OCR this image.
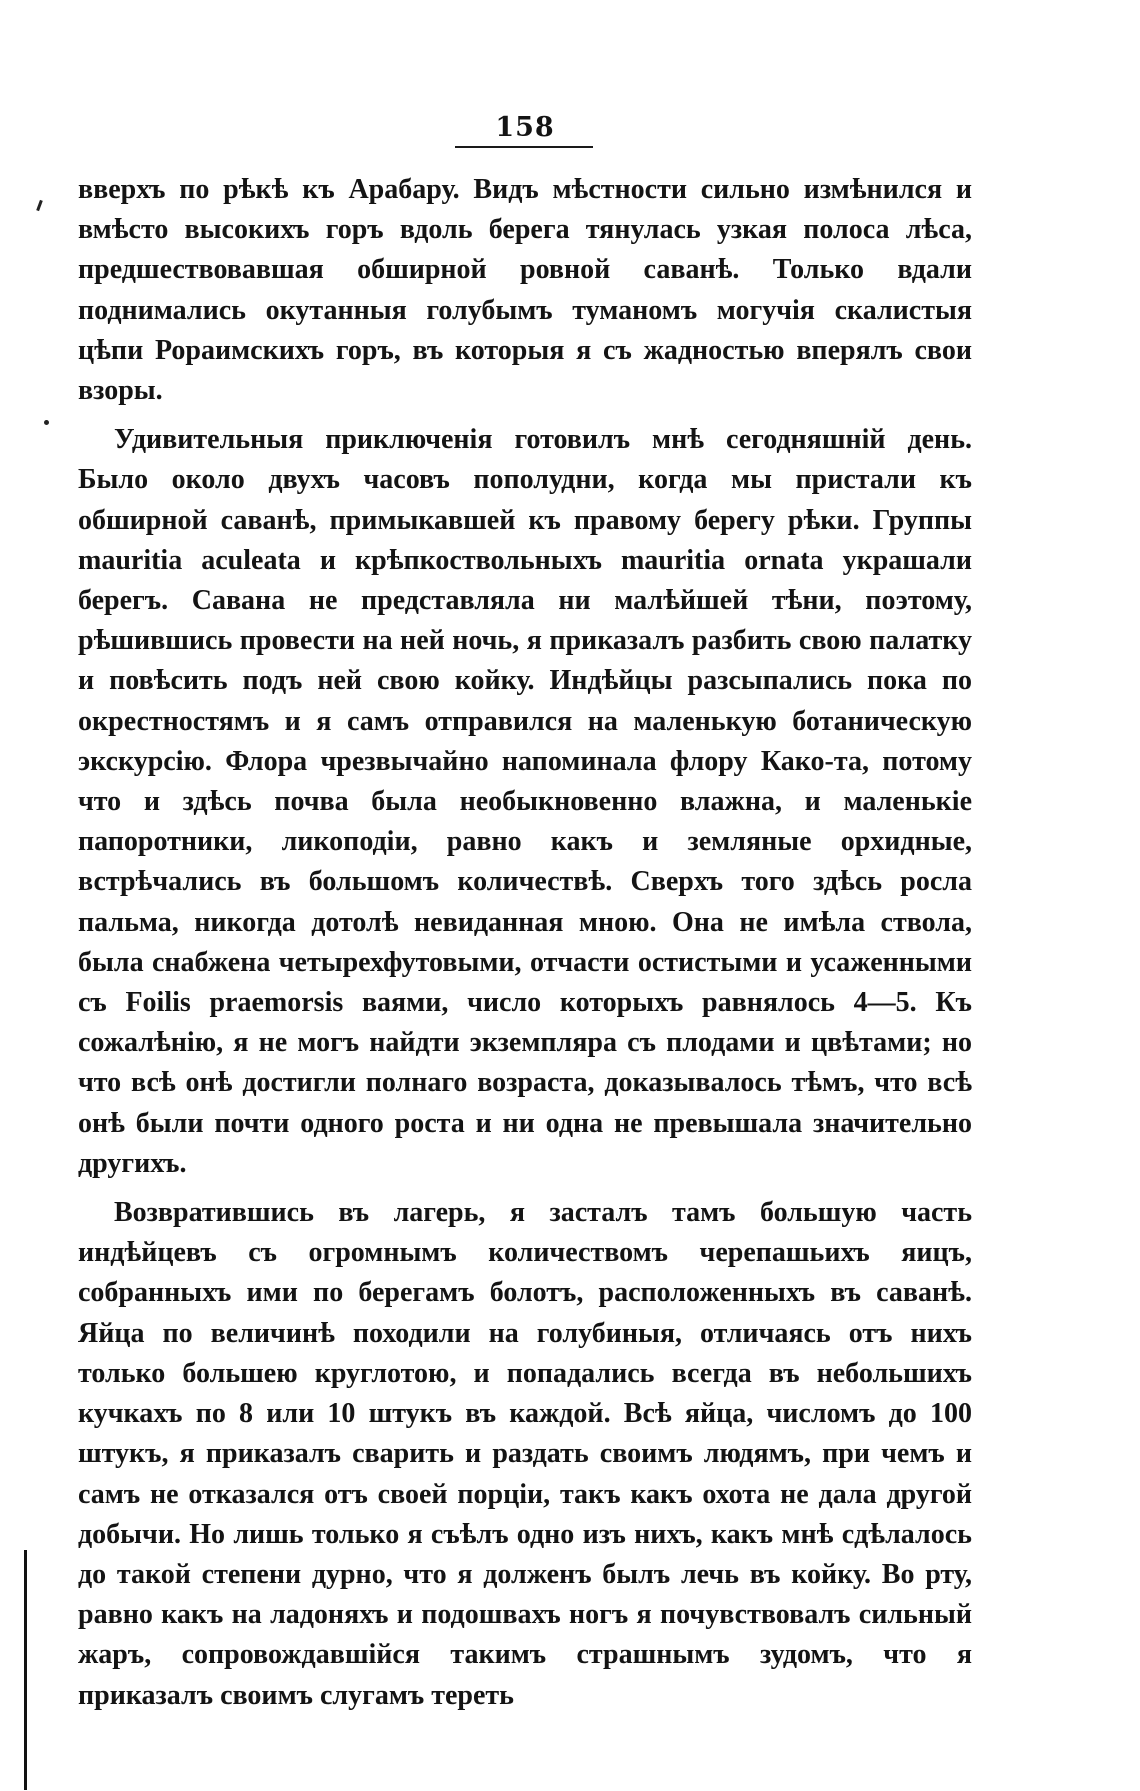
158

вверхъ по рѣкѣ къ Арабару. Видъ мѣстности сильно измѣнился и вмѣсто высокихъ горъ вдоль берега тянулась узкая полоса лѣса, предшествовавшая обширной ровной саванѣ. Только вдали поднимались окутанныя голубымъ туманомъ могучія скалистыя цѣпи Рораимскихъ горъ, въ которыя я съ жадностью вперялъ свои взоры.

Удивительныя приключенія готовилъ мнѣ сегодняшній день. Было около двухъ часовъ пополудни, когда мы пристали къ обширной саванѣ, примыкавшей къ правому берегу рѣки. Группы mauritia aculeata и крѣпкоствольныхъ mauritia ornata украшали берегъ. Савана не представляла ни малѣйшей тѣни, поэтому, рѣшившись провести на ней ночь, я приказалъ разбить свою палатку и повѣсить подъ ней свою койку. Индѣйцы разсыпались пока по окрестностямъ и я самъ отправился на маленькую ботаническую экскурсію. Флора чрезвычайно напоминала флору Како-та, потому что и здѣсь почва была необыкновенно влажна, и маленькіе папоротники, ликоподіи, равно какъ и земляные орхидные, встрѣчались въ большомъ количествѣ. Сверхъ того здѣсь росла пальма, никогда дотолѣ невиданная мною. Она не имѣла ствола, была снабжена четырехфутовыми, отчасти остистыми и усаженными съ Foilis praemorsis ваями, число которыхъ равнялось 4—5. Къ сожалѣнію, я не могъ найдти экземпляра съ плодами и цвѣтами; но что всѣ онѣ достигли полнаго возраста, доказывалось тѣмъ, что всѣ онѣ были почти одного роста и ни одна не превышала значительно другихъ.

Возвратившись въ лагерь, я засталъ тамъ большую часть индѣйцевъ съ огромнымъ количествомъ черепашьихъ яицъ, собранныхъ ими по берегамъ болотъ, расположенныхъ въ саванѣ. Яйца по величинѣ походили на голубиныя, отличаясь отъ нихъ только большею круглотою, и попадались всегда въ небольшихъ кучкахъ по 8 или 10 штукъ въ каждой. Всѣ яйца, числомъ до 100 штукъ, я приказалъ сварить и раздать своимъ людямъ, при чемъ и самъ не отказался отъ своей порціи, такъ какъ охота не дала другой добычи. Но лишь только я съѣлъ одно изъ нихъ, какъ мнѣ сдѣлалось до такой степени дурно, что я долженъ былъ лечь въ койку. Во рту, равно какъ на ладоняхъ и подошвахъ ногъ я почувствовалъ сильный жаръ, сопровождавшійся такимъ страшнымъ зудомъ, что я приказалъ своимъ слугамъ тереть
